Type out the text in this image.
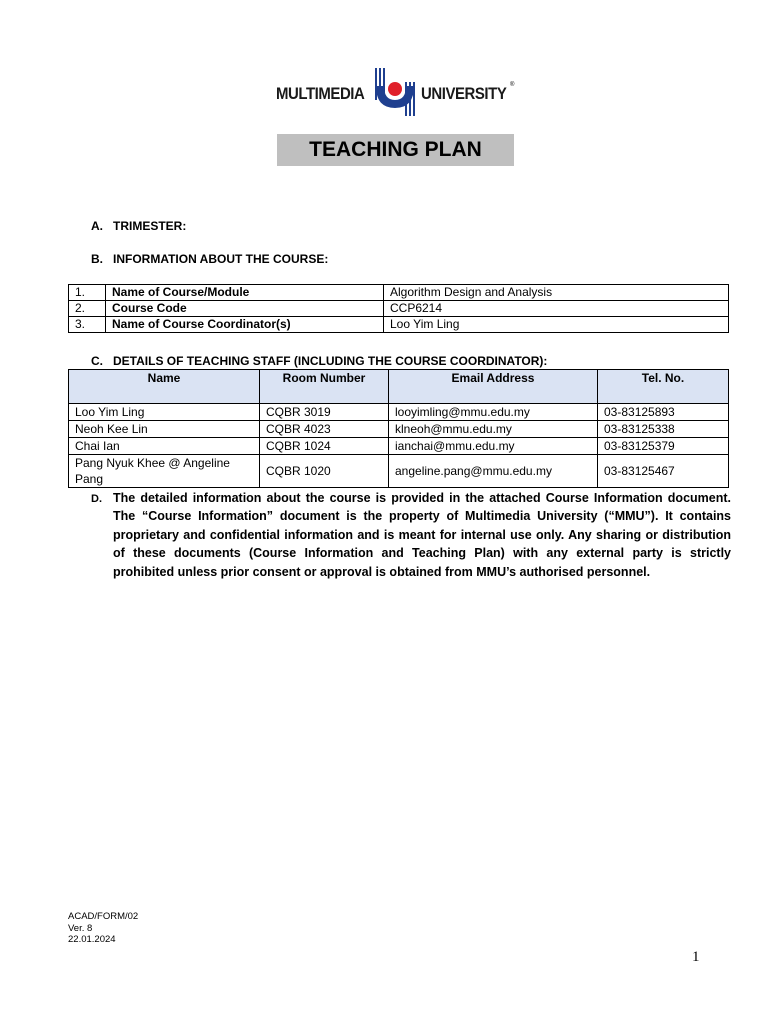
MULTIMEDIA	UNIVERSITY ®
TEACHING PLAN
A. TRIMESTER:
B. INFORMATION ABOUT THE COURSE:
1.	Name of Course/Module	Algorithm Design and Analysis
2.	Course Code	CCP6214
3.	Name of Course Coordinator(s)	Loo Yim Ling
C. DETAILS OF TEACHING STAFF (INCLUDING THE COURSE COORDINATOR):
Name	Room Number	Email Address	Tel. No.
Loo Yim Ling	CQBR 3019	looyimling@mmu.edu.my	03-83125893
Neoh Kee Lin	CQBR 4023	klneoh@mmu.edu.my	03-83125338
Chai Ian	CQBR 1024	ianchai@mmu.edu.my	03-83125379
Pang Nyuk Khee @ Angeline Pang	CQBR 1020	angeline.pang@mmu.edu.my	03-83125467
D. The detailed information about the course is provided in the attached Course Information document. The “Course Information” document is the property of Multimedia University (“MMU”). It contains proprietary and confidential information and is meant for internal use only. Any sharing or distribution of these documents (Course Information and Teaching Plan) with any external party is strictly prohibited unless prior consent or approval is obtained from MMU’s authorised personnel.
ACAD/FORM/02
Ver. 8
22.01.2024
1
